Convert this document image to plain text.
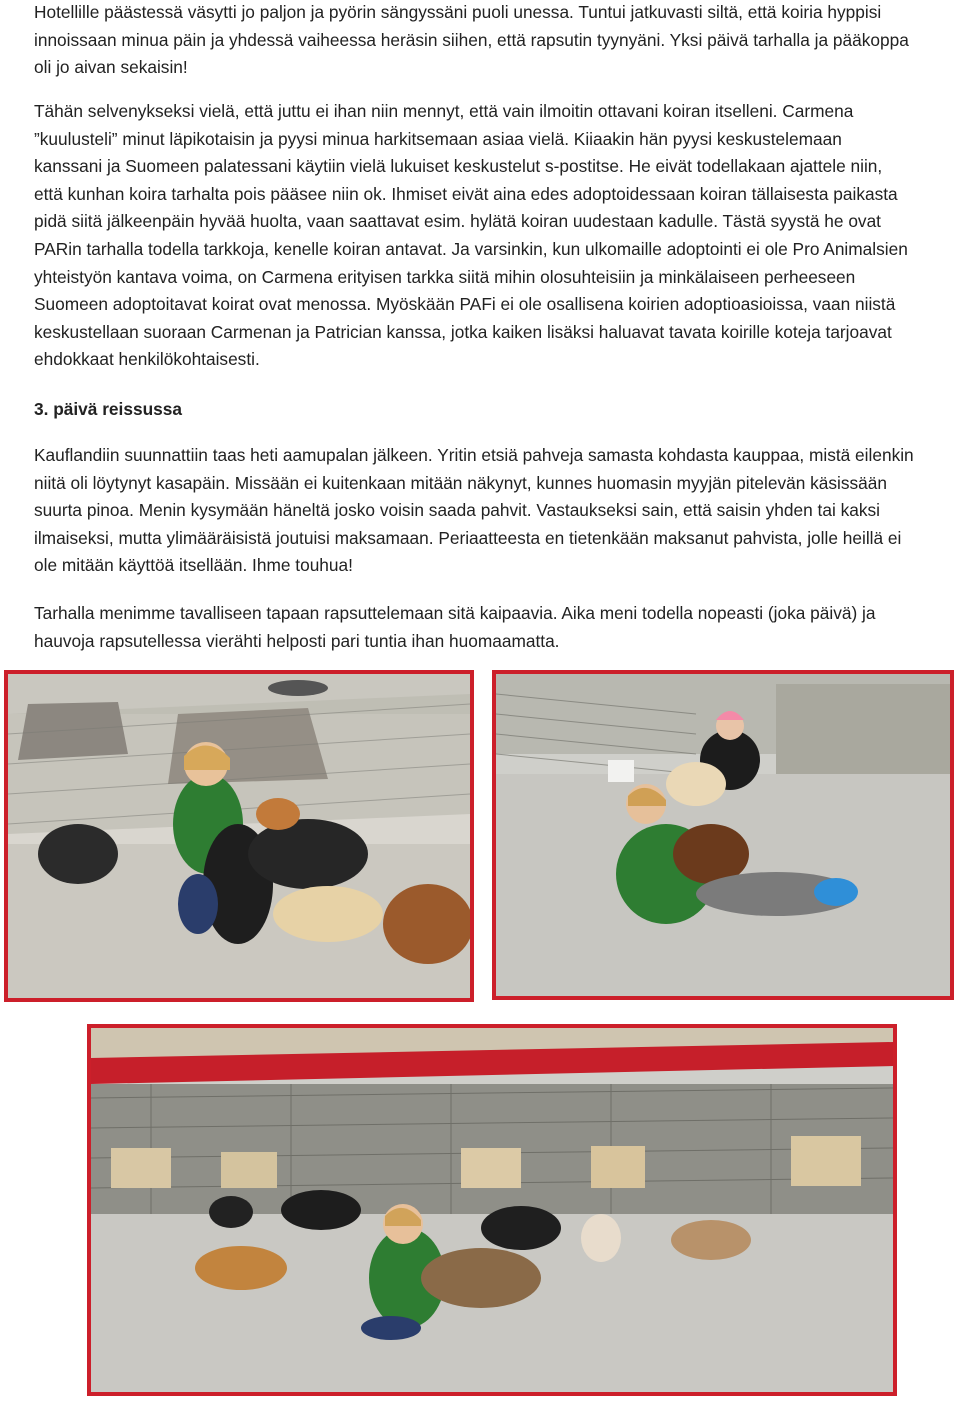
Hotellille päästessä väsytti jo paljon ja pyörin sängyssäni puoli unessa. Tuntui jatkuvasti siltä, että koiria hyppisi innoissaan minua päin ja yhdessä vaiheessa heräsin siihen, että rapsutin tyynyäni. Yksi päivä tarhalla ja pääkoppa oli jo aivan sekaisin!

Tähän selvenykseksi vielä, että juttu ei ihan niin mennyt, että vain ilmoitin ottavani koiran itselleni. Carmena ”kuulusteli” minut läpikotaisin ja pyysi minua harkitsemaan asiaa vielä. Kiiaakin hän pyysi keskustelemaan kanssani ja Suomeen palatessani käytiin vielä lukuiset keskustelut s-postitse. He eivät todellakaan ajattele niin, että kunhan koira tarhalta pois pääsee niin ok. Ihmiset eivät aina edes adoptoidessaan koiran tällaisesta paikasta pidä siitä jälkeenpäin hyvää huolta, vaan saattavat esim. hylätä koiran uudestaan kadulle. Tästä syystä he ovat PARin tarhalla todella tarkkoja, kenelle koiran antavat. Ja varsinkin, kun ulkomaille adoptointi ei ole Pro Animalsien yhteistyön kantava voima, on Carmena erityisen tarkka siitä mihin olosuhteisiin ja minkälaiseen perheeseen Suomeen adoptoitavat koirat ovat menossa. Myöskään PAFi ei ole osallisena koirien adoptioasioissa, vaan niistä keskustellaan suoraan Carmenan ja Patrician kanssa, jotka kaiken lisäksi haluavat tavata koirille koteja tarjoavat ehdokkaat henkilökohtaisesti.

3. päivä reissussa

Kauflandiin suunnattiin taas heti aamupalan jälkeen. Yritin etsiä pahveja samasta kohdasta kauppaa, mistä eilenkin niitä oli löytynyt kasapäin. Missään ei kuitenkaan mitään näkynyt, kunnes huomasin myyjän pitelevän käsissään suurta pinoa. Menin kysymään häneltä josko voisin saada pahvit. Vastaukseksi sain, että saisin yhden tai kaksi ilmaiseksi, mutta ylimääräisistä joutuisi maksamaan. Periaatteesta en tietenkään maksanut pahvista, jolle heillä ei ole mitään käyttöä itsellään. Ihme touhua!

Tarhalla menimme tavalliseen tapaan rapsuttelemaan sitä kaipaavia. Aika meni todella nopeasti (joka päivä) ja hauvoja rapsutellessa vierähti helposti pari tuntia ihan huomaamatta.
